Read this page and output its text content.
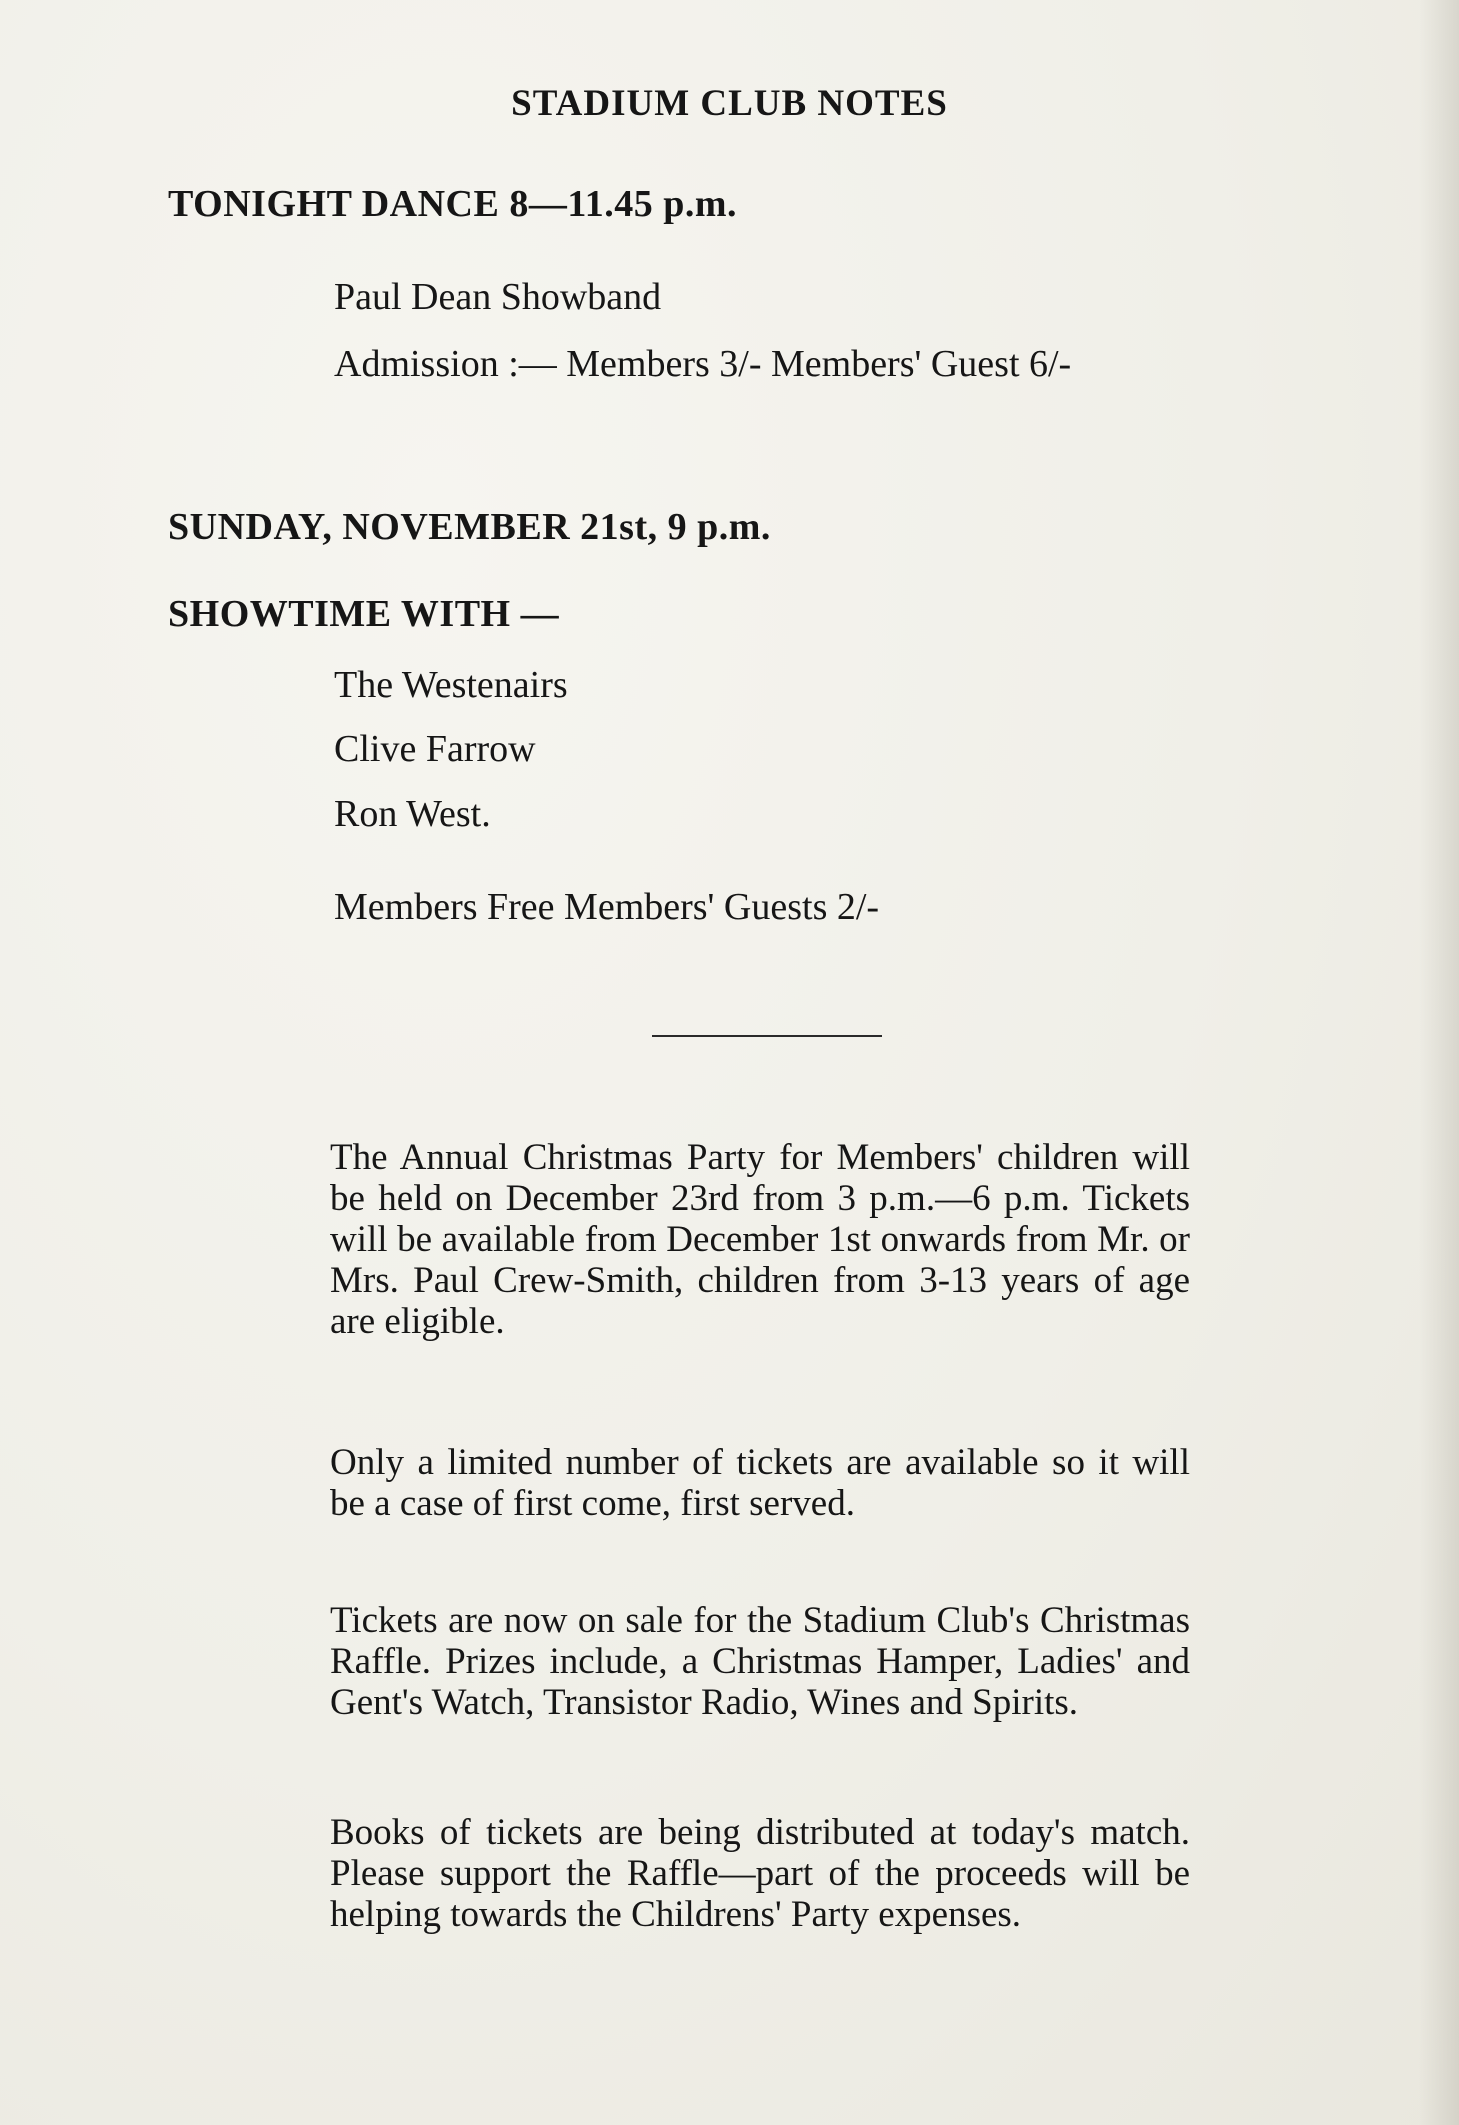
STADIUM CLUB NOTES
TONIGHT DANCE 8—11.45 p.m.
Paul Dean Showband
Admission :— Members 3/- Members' Guest 6/-
SUNDAY, NOVEMBER 21st, 9 p.m.
SHOWTIME WITH —
The Westenairs
Clive Farrow
Ron West.
Members Free Members' Guests 2/-
The Annual Christmas Party for Members' children will be held on December 23rd from 3 p.m.—6 p.m. Tickets will be available from December 1st onwards from Mr. or Mrs. Paul Crew-Smith, children from 3-13 years of age are eligible.
Only a limited number of tickets are available so it will be a case of first come, first served.
Tickets are now on sale for the Stadium Club's Christmas Raffle. Prizes include, a Christmas Hamper, Ladies' and Gent's Watch, Transistor Radio, Wines and Spirits.
Books of tickets are being distributed at today's match. Please support the Raffle—part of the proceeds will be helping towards the Childrens' Party expenses.
